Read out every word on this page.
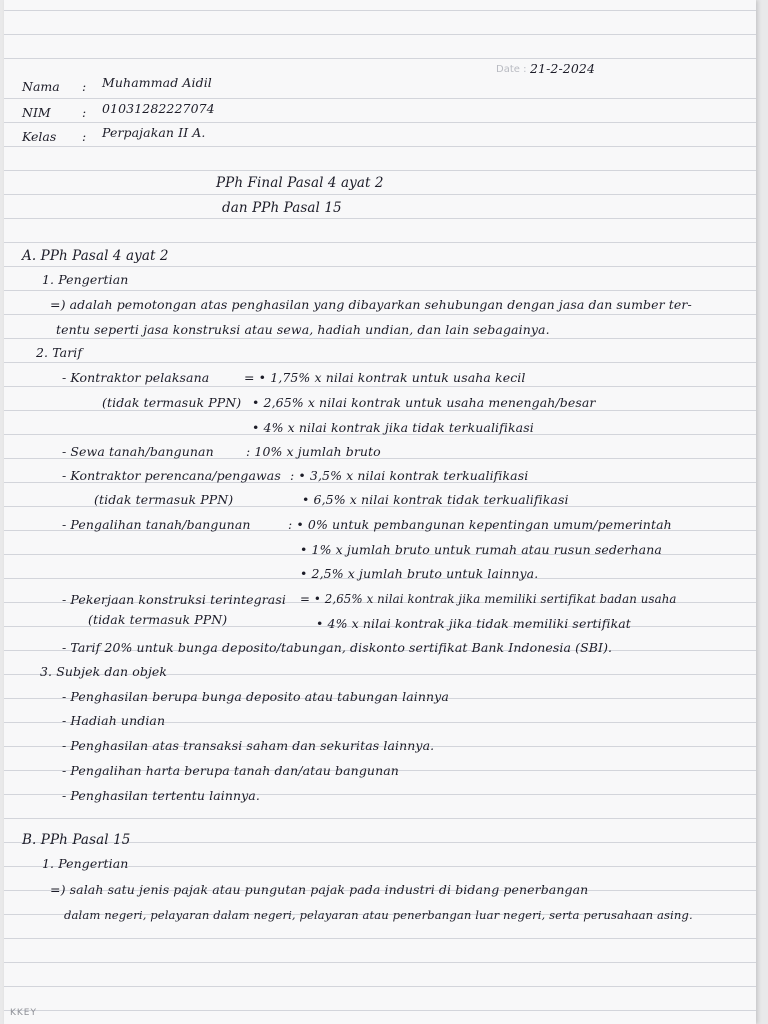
Date : 21-2-2024
Nama : Muhammad Aidil
NIM	: 01031282227074
Kelas : Perpajakan II A.
PPh Final Pasal 4 ayat 2
dan PPh Pasal 15
A. PPh Pasal 4 ayat 2
1. Pengertian
=) adalah pemotongan atas penghasilan yang dibayarkan sehubungan dengan jasa dan sumber ter-
tentu seperti jasa konstruksi atau sewa, hadiah undian, dan lain sebagainya.
2. Tarif
- Kontraktor pelaksana	= • 1,75% x nilai kontrak untuk usaha kecil
(tidak termasuk PPN) • 2,65% x nilai kontrak untuk usaha menengah/besar
• 4% x nilai kontrak jika tidak terkualifikasi
- Sewa tanah/bangunan	: 10% x jumlah bruto
- Kontraktor perencana/pengawas : • 3,5% x nilai kontrak terkualifikasi
(tidak termasuk PPN)	• 6,5% x nilai kontrak tidak terkualifikasi
- Pengalihan tanah/bangunan	: • 0% untuk pembangunan kepentingan umum/pemerintah
• 1% x jumlah bruto untuk rumah atau rusun sederhana
• 2,5% x jumlah bruto untuk lainnya.
- Pekerjaan konstruksi terintegrasi = • 2,65% x nilai kontrak jika memiliki sertifikat badan usaha
(tidak termasuk PPN)	• 4% x nilai kontrak jika tidak memiliki sertifikat
- Tarif 20% untuk bunga deposito/tabungan, diskonto sertifikat Bank Indonesia (SBI).
3. Subjek dan objek
- Penghasilan berupa bunga deposito atau tabungan lainnya
- Hadiah undian
- Penghasilan atas transaksi saham dan sekuritas lainnya.
- Pengalihan harta berupa tanah dan/atau bangunan
- Penghasilan tertentu lainnya.
B. PPh Pasal 15
1. Pengertian
=) salah satu jenis pajak atau pungutan pajak pada industri di bidang penerbangan
dalam negeri, pelayaran dalam negeri, pelayaran atau penerbangan luar negeri, serta perusahaan asing.
KKEY
